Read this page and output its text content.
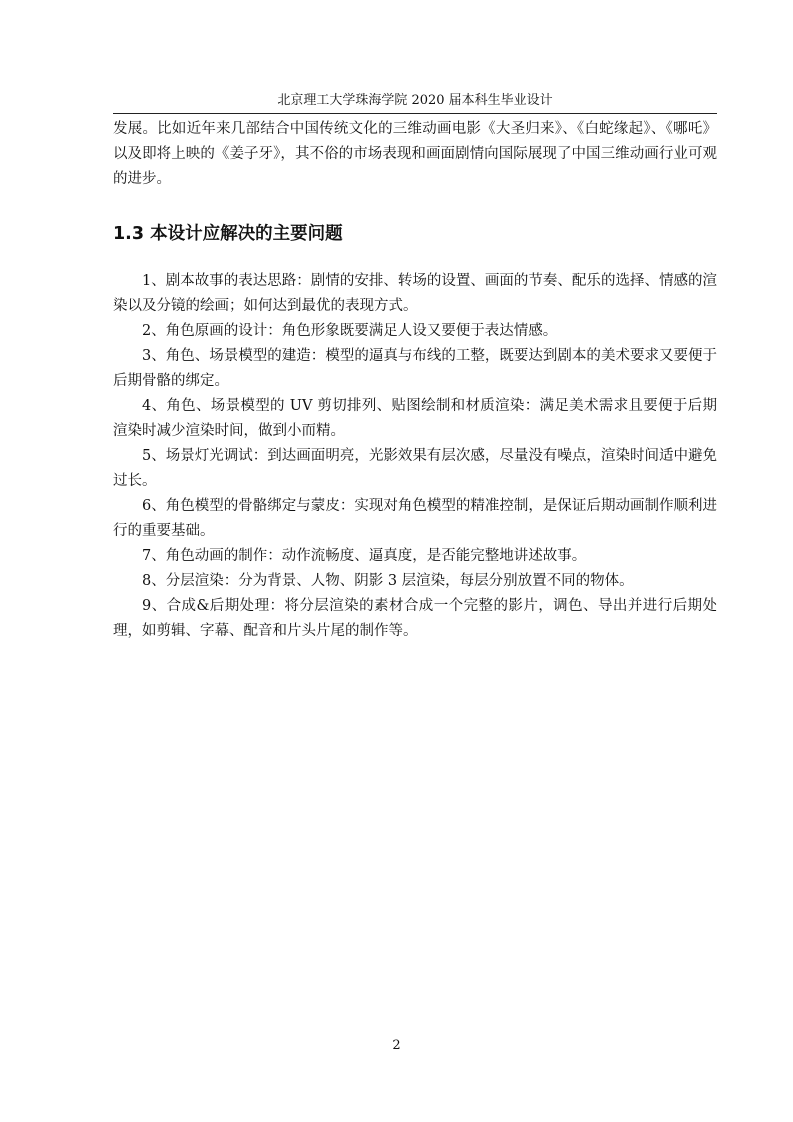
北京理工大学珠海学院 2020 届本科生毕业设计

发展。比如近年来几部结合中国传统文化的三维动画电影《大圣归来》、《白蛇缘起》、《哪吒》以及即将上映的《姜子牙》，其不俗的市场表现和画面剧情向国际展现了中国三维动画行业可观的进步。

1.3 本设计应解决的主要问题

1、剧本故事的表达思路：剧情的安排、转场的设置、画面的节奏、配乐的选择、情感的渲染以及分镜的绘画；如何达到最优的表现方式。

2、角色原画的设计：角色形象既要满足人设又要便于表达情感。

3、角色、场景模型的建造：模型的逼真与布线的工整，既要达到剧本的美术要求又要便于后期骨骼的绑定。

4、角色、场景模型的 UV 剪切排列、贴图绘制和材质渲染：满足美术需求且要便于后期渲染时减少渲染时间，做到小而精。

5、场景灯光调试：到达画面明亮，光影效果有层次感，尽量没有噪点，渲染时间适中避免过长。

6、角色模型的骨骼绑定与蒙皮：实现对角色模型的精准控制，是保证后期动画制作顺利进行的重要基础。

7、角色动画的制作：动作流畅度、逼真度，是否能完整地讲述故事。

8、分层渲染：分为背景、人物、阴影 3 层渲染，每层分别放置不同的物体。

9、合成&后期处理：将分层渲染的素材合成一个完整的影片，调色、导出并进行后期处理，如剪辑、字幕、配音和片头片尾的制作等。

2
